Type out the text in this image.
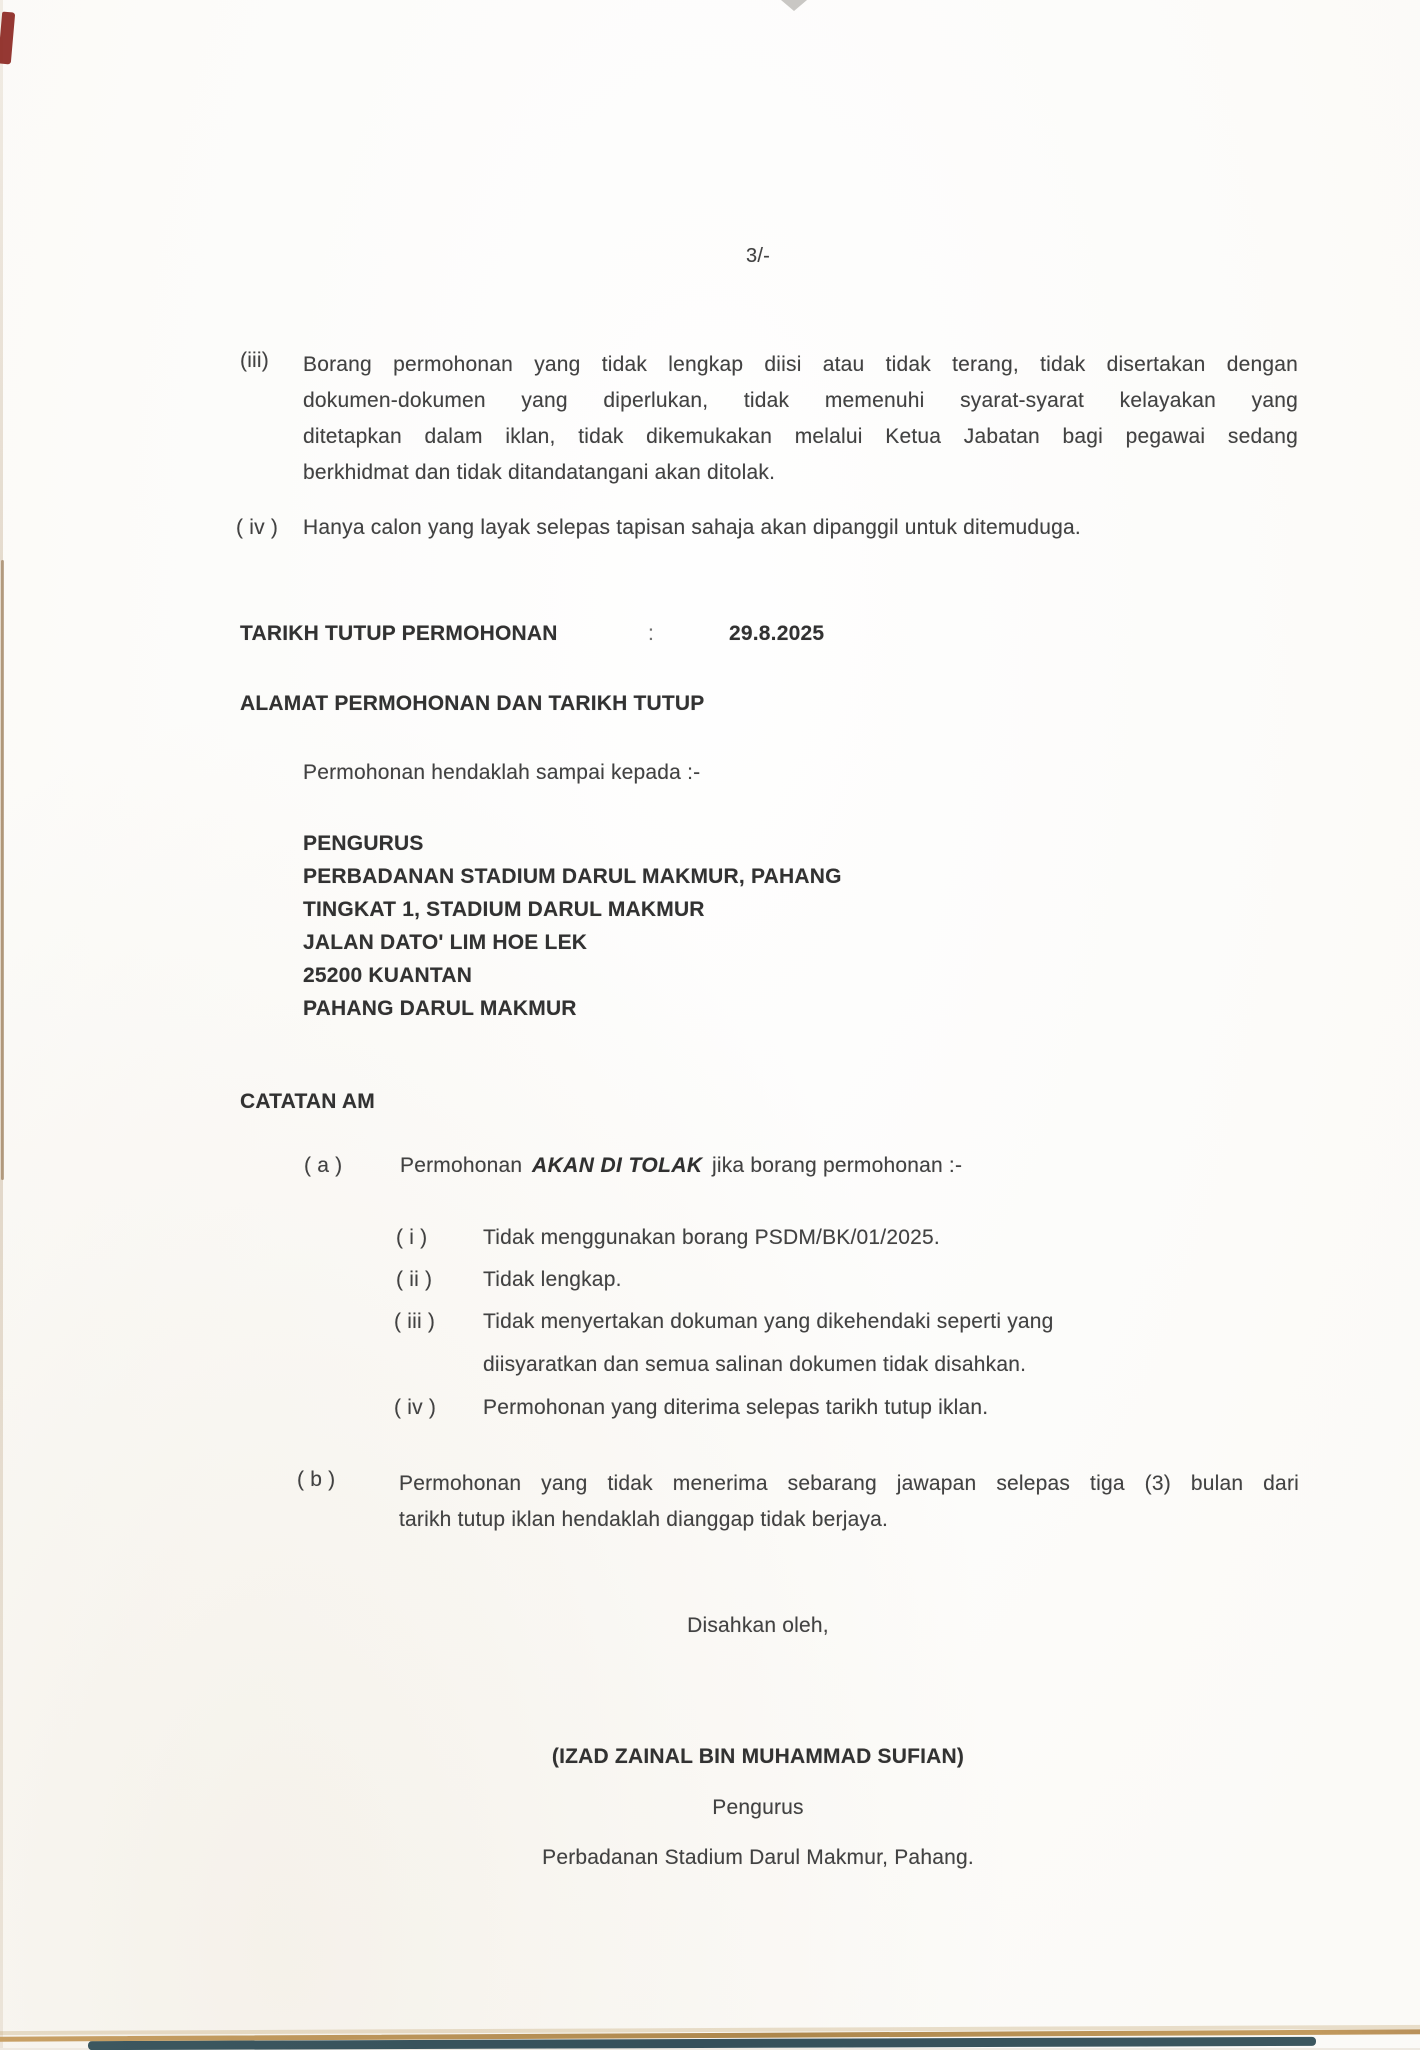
3/-
(iii) Borang permohonan yang tidak lengkap diisi atau tidak terang, tidak disertakan dengan
dokumen-dokumen yang diperlukan, tidak memenuhi syarat-syarat kelayakan yang
ditetapkan dalam iklan, tidak dikemukakan melalui Ketua Jabatan bagi pegawai sedang
berkhidmat dan tidak ditandatangani akan ditolak.
( iv ) Hanya calon yang layak selepas tapisan sahaja akan dipanggil untuk ditemuduga.
TARIKH TUTUP PERMOHONAN	:	29.8.2025
ALAMAT PERMOHONAN DAN TARIKH TUTUP
Permohonan hendaklah sampai kepada :-
PENGURUS
PERBADANAN STADIUM DARUL MAKMUR, PAHANG
TINGKAT 1, STADIUM DARUL MAKMUR
JALAN DATO' LIM HOE LEK
25200 KUANTAN
PAHANG DARUL MAKMUR
CATATAN AM
( a )	Permohonan AKAN DI TOLAK jika borang permohonan :-
( i )	Tidak menggunakan borang PSDM/BK/01/2025.
( ii ) Tidak lengkap.
( iii ) Tidak menyertakan dokuman yang dikehendaki seperti yang
diisyaratkan dan semua salinan dokumen tidak disahkan.
( iv ) Permohonan yang diterima selepas tarikh tutup iklan.
( b )	Permohonan yang tidak menerima sebarang jawapan selepas tiga (3) bulan dari
tarikh tutup iklan hendaklah dianggap tidak berjaya.
Disahkan oleh,
(IZAD ZAINAL BIN MUHAMMAD SUFIAN)
Pengurus
Perbadanan Stadium Darul Makmur, Pahang.
